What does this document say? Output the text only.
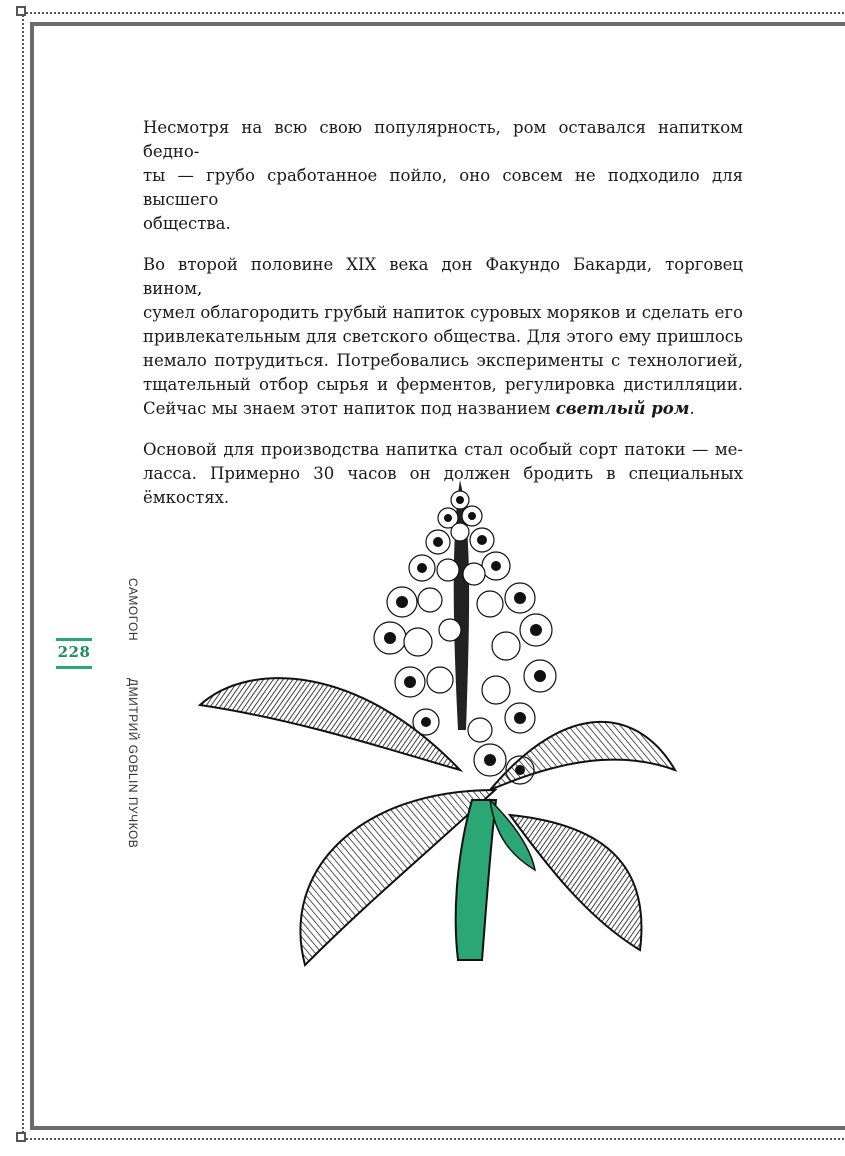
Несмотря на всю свою популярность, ром оставался напитком бедно-
ты — грубо сработанное пойло, оно совсем не подходило для высшего
общества.

Во второй половине XIX века дон Факундо Бакарди, торговец вином,
сумел облагородить грубый напиток суровых моряков и сделать его
привлекательным для светского общества. Для этого ему пришлось
немало потрудиться. Потребовались эксперименты с технологией,
тщательный отбор сырья и ферментов, регулировка дистилляции.
Сейчас мы знаем этот напиток под названием светлый ром.

Основой для производства напитка стал особый сорт патоки — ме-
ласса. Примерно 30 часов он должен бродить в специальных ёмкостях.

САМОГОН
228
ДМИТРИЙ GOBLIN ПУЧКОВ
